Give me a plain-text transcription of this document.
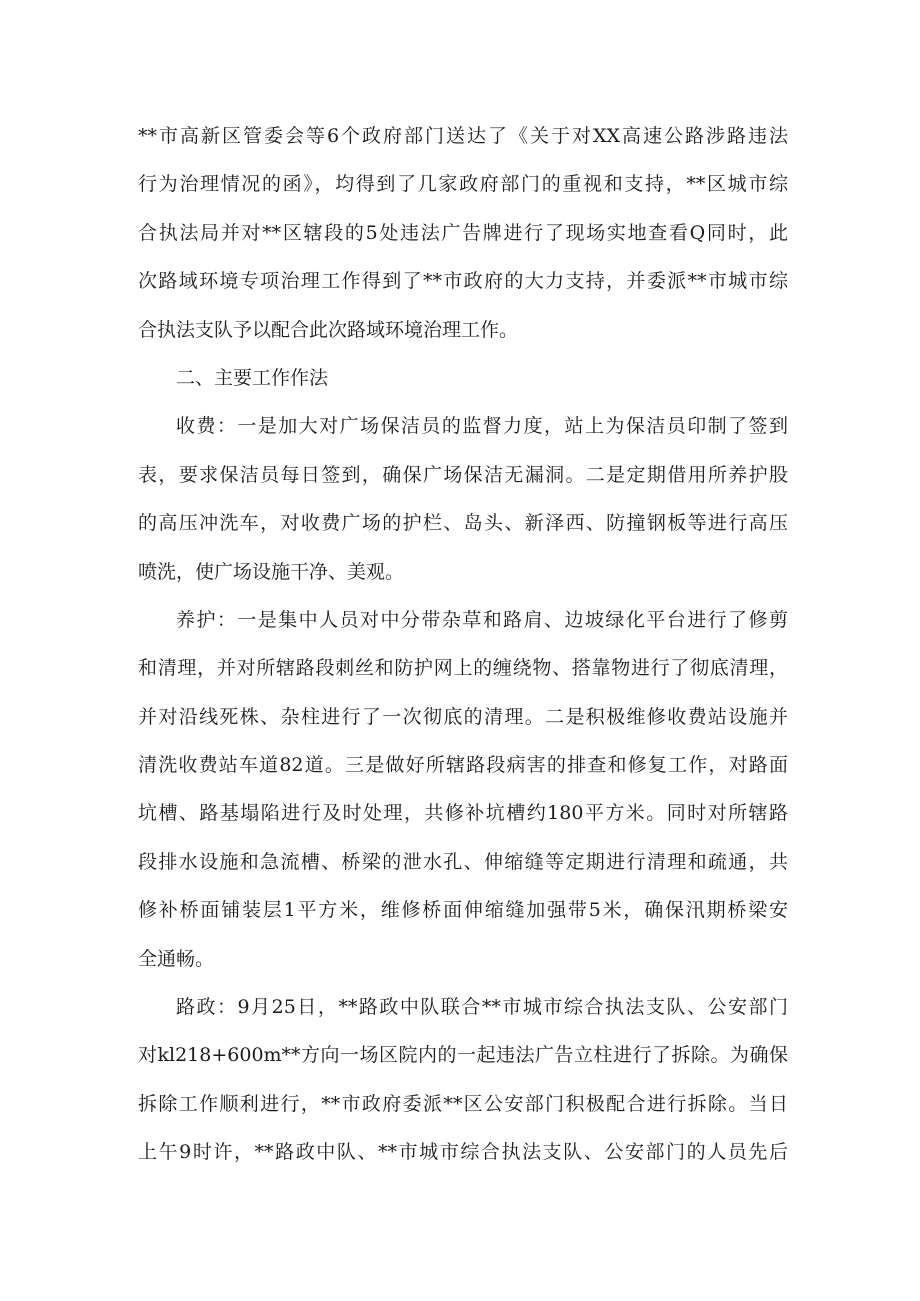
**市高新区管委会等6个政府部门送达了《关于对XX高速公路涉路违法
行为治理情况的函》，均得到了几家政府部门的重视和支持，**区城市综
合执法局并对**区辖段的5处违法广告牌进行了现场实地查看Q同时，此
次路域环境专项治理工作得到了**市政府的大力支持，并委派**市城市综
合执法支队予以配合此次路域环境治理工作。
二、主要工作作法
收费：一是加大对广场保洁员的监督力度，站上为保洁员印制了签到
表，要求保洁员每日签到，确保广场保洁无漏洞。二是定期借用所养护股
的高压冲洗车，对收费广场的护栏、岛头、新泽西、防撞钢板等进行高压
喷洗，使广场设施干净、美观。
养护：一是集中人员对中分带杂草和路肩、边坡绿化平台进行了修剪
和清理，并对所辖路段刺丝和防护网上的缠绕物、搭靠物进行了彻底清理，
并对沿线死株、杂柱进行了一次彻底的清理。二是积极维修收费站设施并
清洗收费站车道82道。三是做好所辖路段病害的排查和修复工作，对路面
坑槽、路基塌陷进行及时处理，共修补坑槽约180平方米。同时对所辖路
段排水设施和急流槽、桥梁的泄水孔、伸缩缝等定期进行清理和疏通，共
修补桥面铺装层1平方米，维修桥面伸缩缝加强带5米，确保汛期桥梁安
全通畅。
路政：9月25日，**路政中队联合**市城市综合执法支队、公安部门
对kl218+600m**方向一场区院内的一起违法广告立柱进行了拆除。为确保
拆除工作顺利进行，**市政府委派**区公安部门积极配合进行拆除。当日
上午9时许，**路政中队、**市城市综合执法支队、公安部门的人员先后
